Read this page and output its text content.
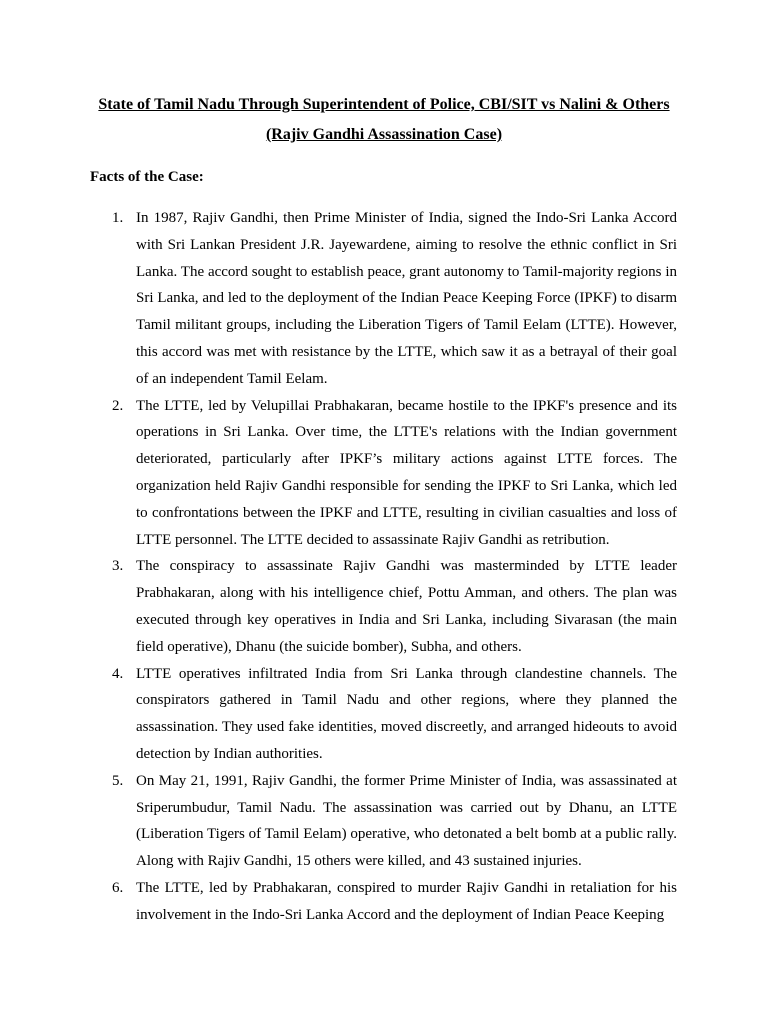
State of Tamil Nadu Through Superintendent of Police, CBI/SIT vs Nalini & Others (Rajiv Gandhi Assassination Case)

Facts of the Case:

1. In 1987, Rajiv Gandhi, then Prime Minister of India, signed the Indo-Sri Lanka Accord with Sri Lankan President J.R. Jayewardene, aiming to resolve the ethnic conflict in Sri Lanka. The accord sought to establish peace, grant autonomy to Tamil-majority regions in Sri Lanka, and led to the deployment of the Indian Peace Keeping Force (IPKF) to disarm Tamil militant groups, including the Liberation Tigers of Tamil Eelam (LTTE). However, this accord was met with resistance by the LTTE, which saw it as a betrayal of their goal of an independent Tamil Eelam.
2. The LTTE, led by Velupillai Prabhakaran, became hostile to the IPKF's presence and its operations in Sri Lanka. Over time, the LTTE's relations with the Indian government deteriorated, particularly after IPKF’s military actions against LTTE forces. The organization held Rajiv Gandhi responsible for sending the IPKF to Sri Lanka, which led to confrontations between the IPKF and LTTE, resulting in civilian casualties and loss of LTTE personnel. The LTTE decided to assassinate Rajiv Gandhi as retribution.
3. The conspiracy to assassinate Rajiv Gandhi was masterminded by LTTE leader Prabhakaran, along with his intelligence chief, Pottu Amman, and others. The plan was executed through key operatives in India and Sri Lanka, including Sivarasan (the main field operative), Dhanu (the suicide bomber), Subha, and others.
4. LTTE operatives infiltrated India from Sri Lanka through clandestine channels. The conspirators gathered in Tamil Nadu and other regions, where they planned the assassination. They used fake identities, moved discreetly, and arranged hideouts to avoid detection by Indian authorities.
5. On May 21, 1991, Rajiv Gandhi, the former Prime Minister of India, was assassinated at Sriperumbudur, Tamil Nadu. The assassination was carried out by Dhanu, an LTTE (Liberation Tigers of Tamil Eelam) operative, who detonated a belt bomb at a public rally. Along with Rajiv Gandhi, 15 others were killed, and 43 sustained injuries.
6. The LTTE, led by Prabhakaran, conspired to murder Rajiv Gandhi in retaliation for his involvement in the Indo-Sri Lanka Accord and the deployment of Indian Peace Keeping
